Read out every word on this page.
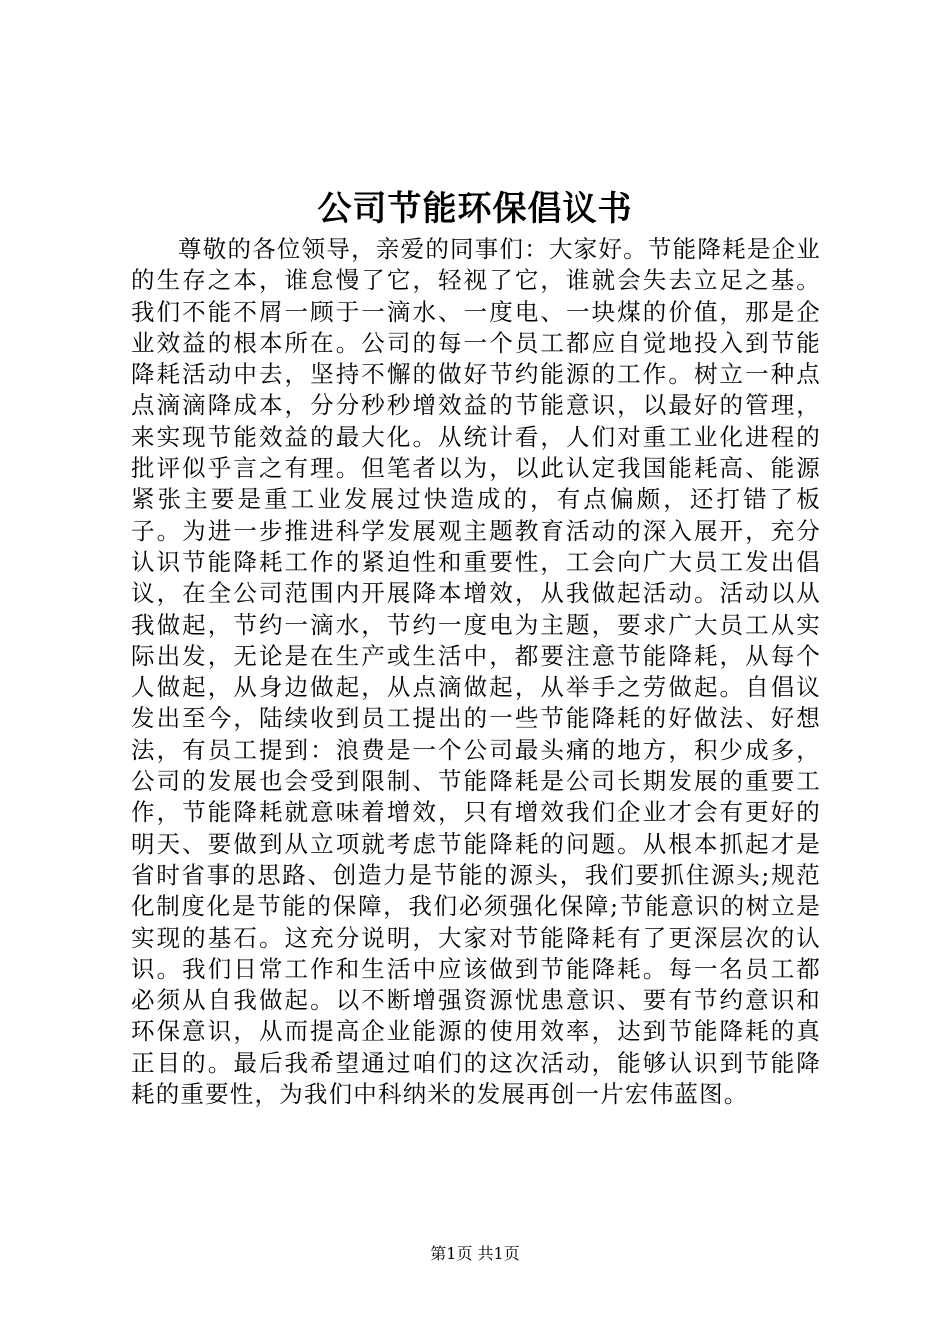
公司节能环保倡议书

尊敬的各位领导，亲爱的同事们：大家好。节能降耗是企业的生存之本，谁怠慢了它，轻视了它，谁就会失去立足之基。我们不能不屑一顾于一滴水、一度电、一块煤的价值，那是企业效益的根本所在。公司的每一个员工都应自觉地投入到节能降耗活动中去，坚持不懈的做好节约能源的工作。树立一种点点滴滴降成本，分分秒秒增效益的节能意识，以最好的管理，来实现节能效益的最大化。从统计看，人们对重工业化进程的批评似乎言之有理。但笔者以为，以此认定我国能耗高、能源紧张主要是重工业发展过快造成的，有点偏颇，还打错了板子。为进一步推进科学发展观主题教育活动的深入展开，充分认识节能降耗工作的紧迫性和重要性，工会向广大员工发出倡议，在全公司范围内开展降本增效，从我做起活动。活动以从我做起，节约一滴水，节约一度电为主题，要求广大员工从实际出发，无论是在生产或生活中，都要注意节能降耗，从每个人做起，从身边做起，从点滴做起，从举手之劳做起。自倡议发出至今，陆续收到员工提出的一些节能降耗的好做法、好想法，有员工提到：浪费是一个公司最头痛的地方，积少成多，公司的发展也会受到限制、节能降耗是公司长期发展的重要工作，节能降耗就意味着增效，只有增效我们企业才会有更好的明天、要做到从立项就考虑节能降耗的问题。从根本抓起才是省时省事的思路、创造力是节能的源头，我们要抓住源头;规范化制度化是节能的保障，我们必须强化保障;节能意识的树立是实现的基石。这充分说明，大家对节能降耗有了更深层次的认识。我们日常工作和生活中应该做到节能降耗。每一名员工都必须从自我做起。以不断增强资源忧患意识、要有节约意识和环保意识，从而提高企业能源的使用效率，达到节能降耗的真正目的。最后我希望通过咱们的这次活动，能够认识到节能降耗的重要性，为我们中科纳米的发展再创一片宏伟蓝图。

第1页 共1页
